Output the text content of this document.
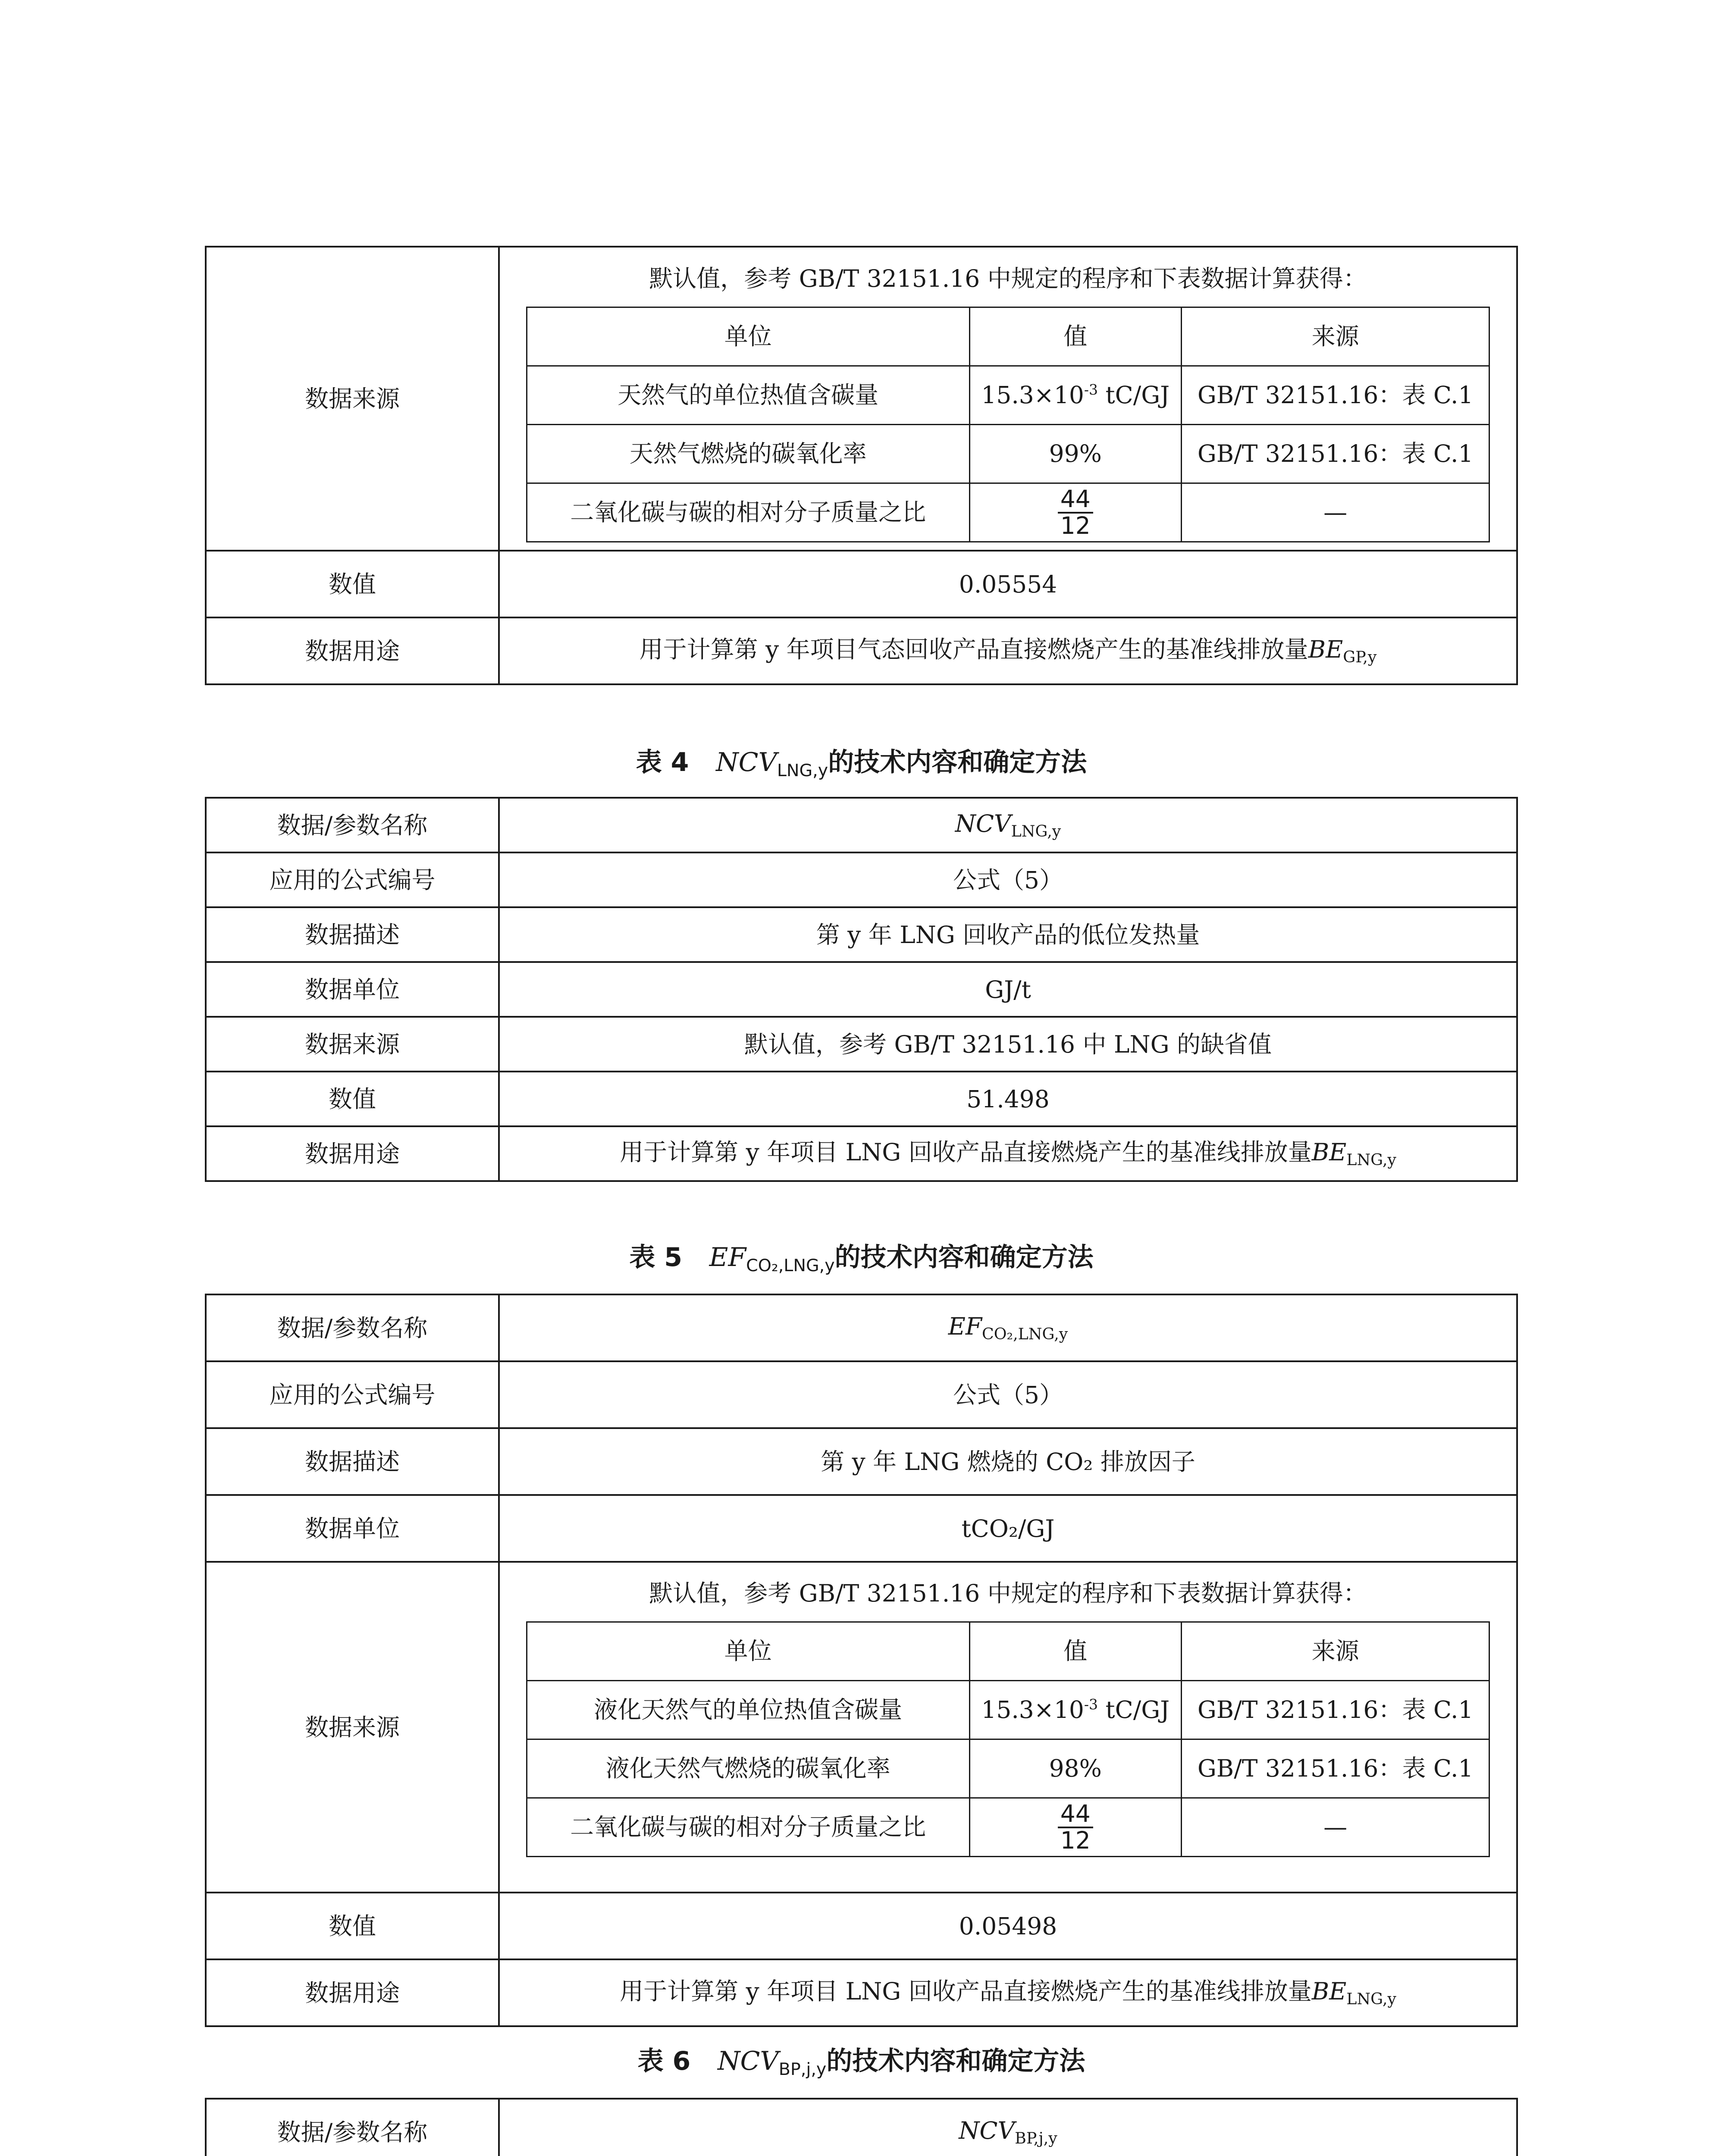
数据来源	
默认值，参考 GB/T 32151.16 中规定的程序和下表数据计算获得：
单位	值	来源
天然气的单位热值含碳量	$15.3\times 10^{-3}$ tC/GJ	GB/T 32151.16：表 C.1
天然气燃烧的碳氧化率	99%	GB/T 32151.16：表 C.1
二氧化碳与碳的相对分子质量之比	$\frac{44}{12}$	—

数值	0.05554
数据用途	用于计算第 y 年项目气态回收产品直接燃烧产生的基准线排放量$BE_{GP,y}$
表 4 $NCV_{LNG,y}$的技术内容和确定方法
数据/参数名称	$NCV_{LNG,y}$
应用的公式编号	公式（5）
数据描述	第 y 年 LNG 回收产品的低位发热量
数据单位	GJ/t
数据来源	默认值，参考 GB/T 32151.16 中 LNG 的缺省值
数值	51.498
数据用途	用于计算第 y 年项目 LNG 回收产品直接燃烧产生的基准线排放量$BE_{LNG,y}$
表 5 $EF_{CO_2,LNG,y}$的技术内容和确定方法
数据/参数名称	$EF_{CO_2,LNG,y}$
应用的公式编号	公式（5）
数据描述	第 y 年 LNG 燃烧的 CO₂ 排放因子
数据单位	tCO₂/GJ
数据来源	
默认值，参考 GB/T 32151.16 中规定的程序和下表数据计算获得：
单位	值	来源
液化天然气的单位热值含碳量	$15.3\times 10^{-3}$ tC/GJ	GB/T 32151.16：表 C.1
液化天然气燃烧的碳氧化率	98%	GB/T 32151.16：表 C.1
二氧化碳与碳的相对分子质量之比	$\frac{44}{12}$	—

数值	0.05498
数据用途	用于计算第 y 年项目 LNG 回收产品直接燃烧产生的基准线排放量$BE_{LNG,y}$
表 6 $NCV_{BP,j,y}$的技术内容和确定方法
数据/参数名称	$NCV_{BP,j,y}$
